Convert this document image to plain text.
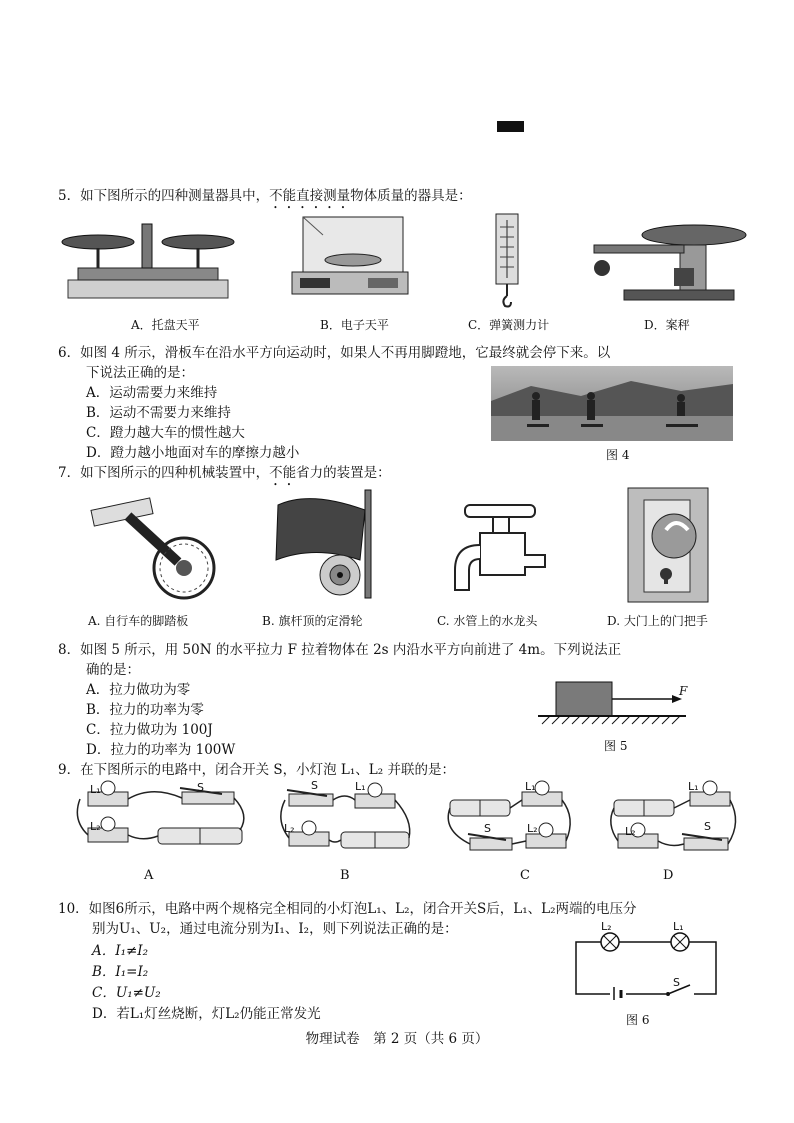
5．如下图所示的四种测量器具中，不能直接测量物体质量的器具是：
A．托盘天平	B．电子天平	C．弹簧测力计	D．案秤
6．如图 4 所示，滑板车在沿水平方向运动时，如果人不再用脚蹬地，它最终就会停下来。以
下说法正确的是：
A．运动需要力来维持
B．运动不需要力来维持
C．蹬力越大车的惯性越大
D．蹬力越小地面对车的摩擦力越小	图 4
7．如下图所示的四种机械装置中，不能省力的装置是：
A. 自行车的脚踏板	B. 旗杆顶的定滑轮	C. 水管上的水龙头	D. 大门上的门把手
8．如图 5 所示，用 50N 的水平拉力 F 拉着物体在 2s 内沿水平方向前进了 4m。下列说法正
确的是：
A．拉力做功为零
B．拉力的功率为零
C．拉力做功为 100J
D．拉力的功率为 100W
F
图 5
9．在下图所示的电路中，闭合开关 S，小灯泡 L₁、L₂ 并联的是：
L₁
L₂
S
A
S	L₁
L₂
B
L₁
S	L₂
C
L₁
L₂	S
D
10．如图6所示，电路中两个规格完全相同的小灯泡L₁、L₂，闭合开关S后，L₁、L₂两端的电压分
别为U₁、U₂，通过电流分别为I₁、I₂，则下列说法正确的是：
A．I₁≠I₂
B．I₁=I₂
C．U₁≠U₂
D．若L₁灯丝烧断，灯L₂仍能正常发光
L₂	L₁
S
图 6
物理试卷　第 2 页（共 6 页）
